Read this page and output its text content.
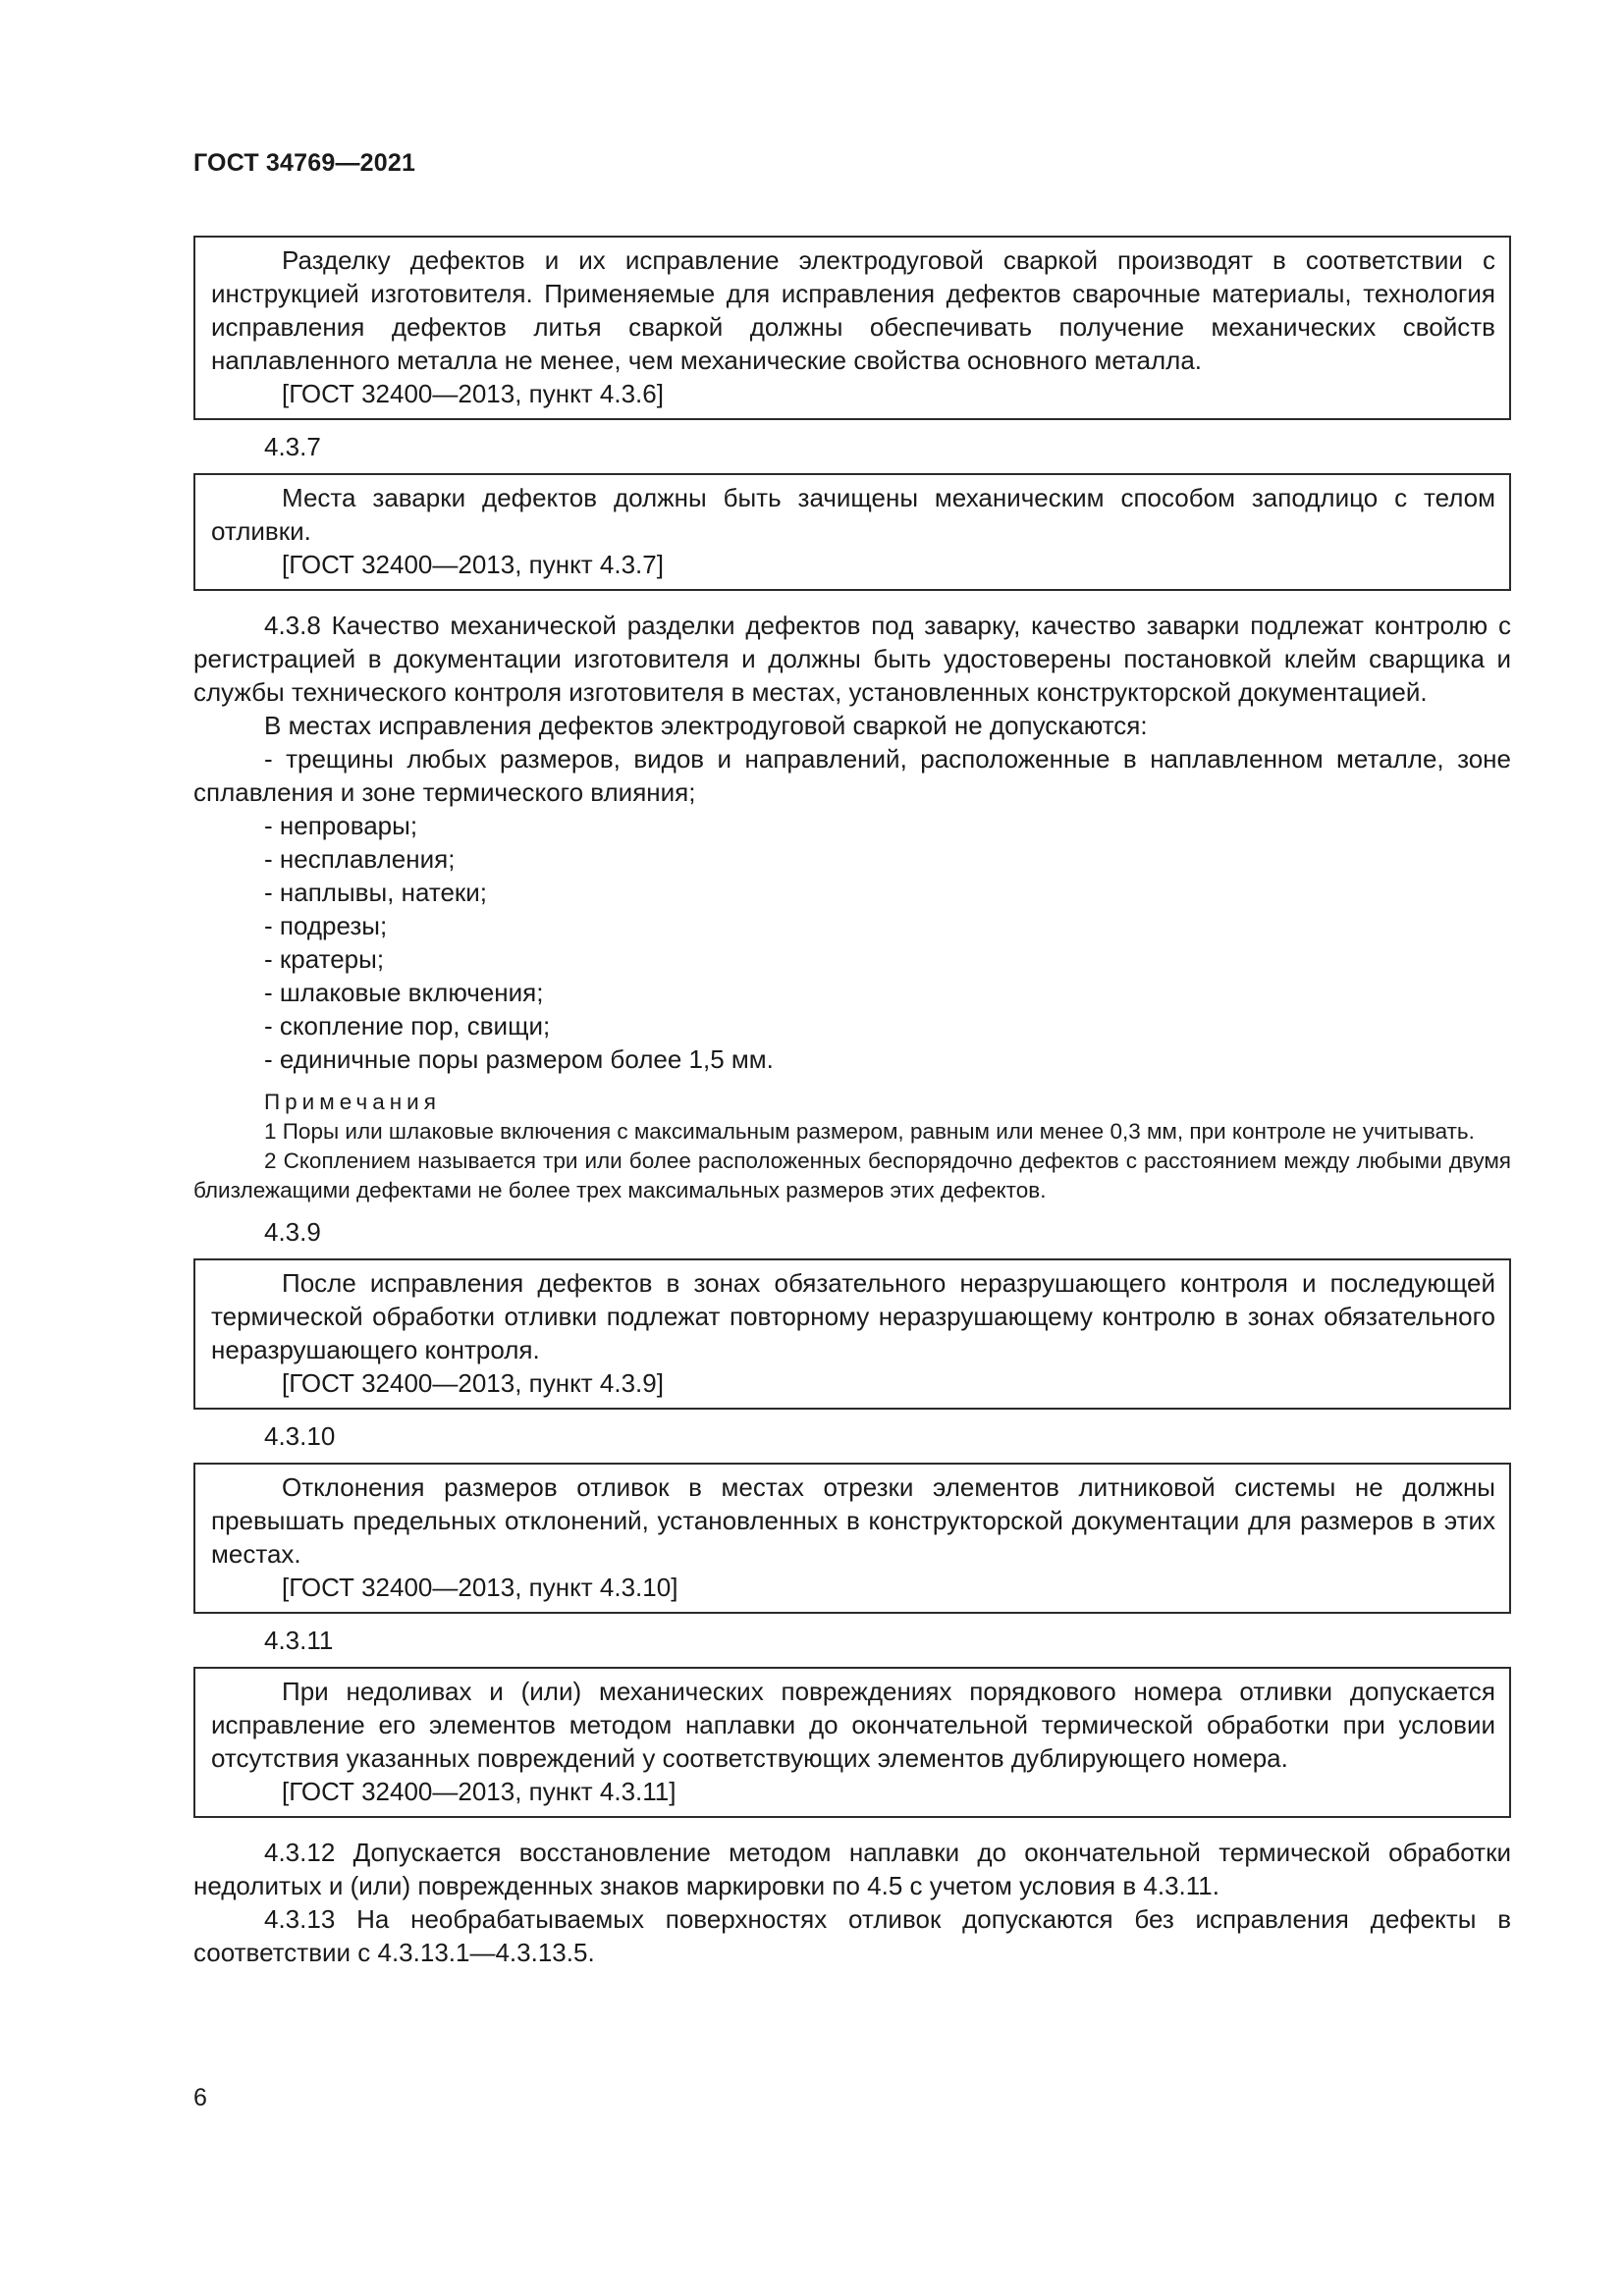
ГОСТ 34769—2021

Разделку дефектов и их исправление электродуговой сваркой производят в соответствии с инструкцией изготовителя. Применяемые для исправления дефектов сварочные материалы, технология исправления дефектов литья сваркой должны обеспечивать получение механических свойств наплавленного металла не менее, чем механические свойства основного металла.

[ГОСТ 32400—2013, пункт 4.3.6]

4.3.7

Места заварки дефектов должны быть зачищены механическим способом заподлицо с телом отливки.

[ГОСТ 32400—2013, пункт 4.3.7]

4.3.8 Качество механической разделки дефектов под заварку, качество заварки подлежат контролю с регистрацией в документации изготовителя и должны быть удостоверены постановкой клейм сварщика и службы технического контроля изготовителя в местах, установленных конструкторской документацией.

В местах исправления дефектов электродуговой сваркой не допускаются:

- трещины любых размеров, видов и направлений, расположенные в наплавленном металле, зоне сплавления и зоне термического влияния;
- непровары;
- несплавления;
- наплывы, натеки;
- подрезы;
- кратеры;
- шлаковые включения;
- скопление пор, свищи;
- единичные поры размером более 1,5 мм.
Примечания

1 Поры или шлаковые включения с максимальным размером, равным или менее 0,3 мм, при контроле не учитывать.

2 Скоплением называется три или более расположенных беспорядочно дефектов с расстоянием между любыми двумя близлежащими дефектами не более трех максимальных размеров этих дефектов.

4.3.9

После исправления дефектов в зонах обязательного неразрушающего контроля и последующей термической обработки отливки подлежат повторному неразрушающему контролю в зонах обязательного неразрушающего контроля.

[ГОСТ 32400—2013, пункт 4.3.9]

4.3.10

Отклонения размеров отливок в местах отрезки элементов литниковой системы не должны превышать предельных отклонений, установленных в конструкторской документации для размеров в этих местах.

[ГОСТ 32400—2013, пункт 4.3.10]

4.3.11

При недоливах и (или) механических повреждениях порядкового номера отливки допускается исправление его элементов методом наплавки до окончательной термической обработки при условии отсутствия указанных повреждений у соответствующих элементов дублирующего номера.

[ГОСТ 32400—2013, пункт 4.3.11]

4.3.12 Допускается восстановление методом наплавки до окончательной термической обработки недолитых и (или) поврежденных знаков маркировки по 4.5 с учетом условия в 4.3.11.

4.3.13 На необрабатываемых поверхностях отливок допускаются без исправления дефекты в соответствии с 4.3.13.1—4.3.13.5.

6
